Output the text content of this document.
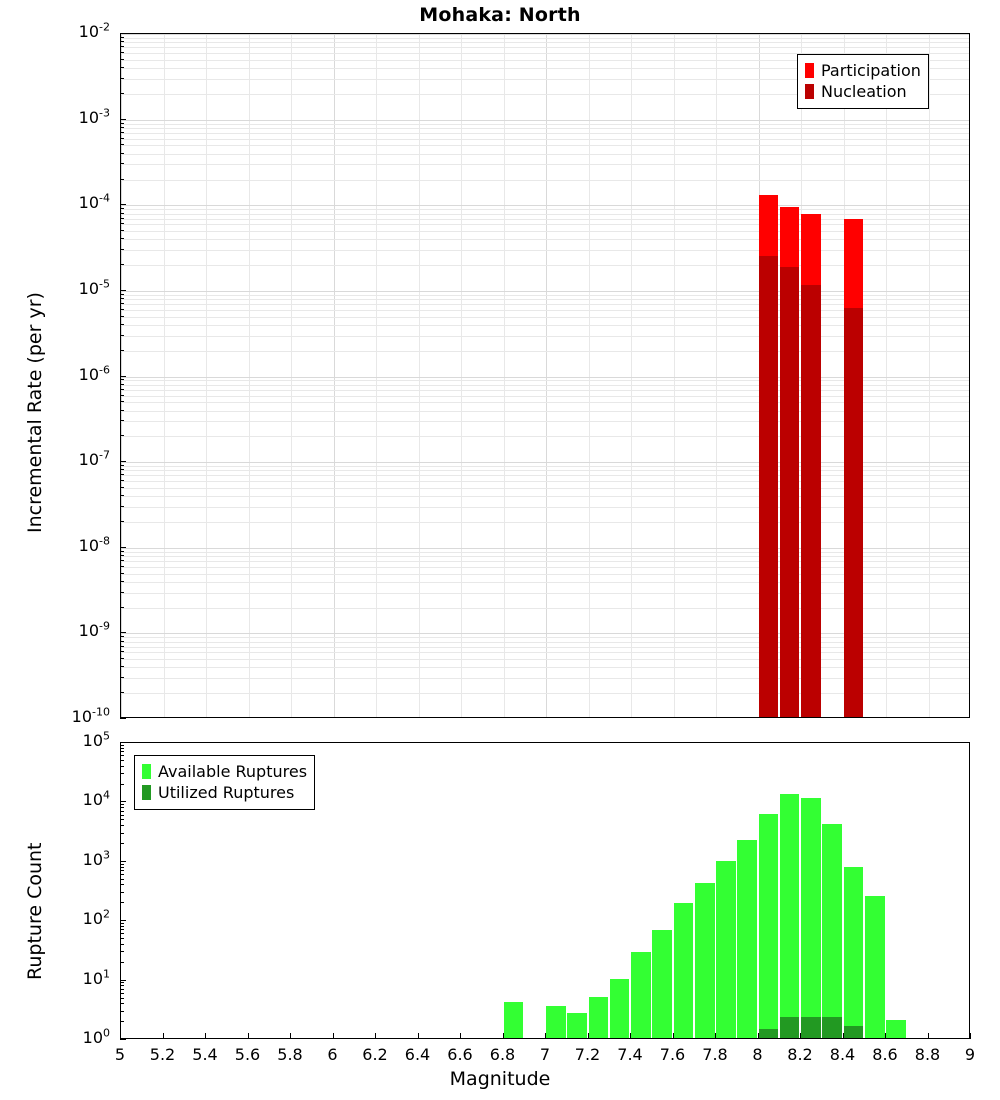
Mohaka: North
$10^{-10}$
$10^{-9}$
$10^{-8}$
$10^{-7}$
$10^{-6}$
$10^{-5}$
$10^{-4}$
$10^{-3}$
$10^{-2}$
Incremental Rate (per yr)
Participation
Nucleation
$10^0$
$10^1$
$10^2$
$10^3$
$10^4$
$10^5$
5	5.2	5.4	5.6	5.8	6	6.2	6.4	6.6	6.8	7	7.2	7.4	7.6	7.8	8	8.2	8.4	8.6	8.8	9
Rupture Count
Available Ruptures
Utilized Ruptures
Magnitude
